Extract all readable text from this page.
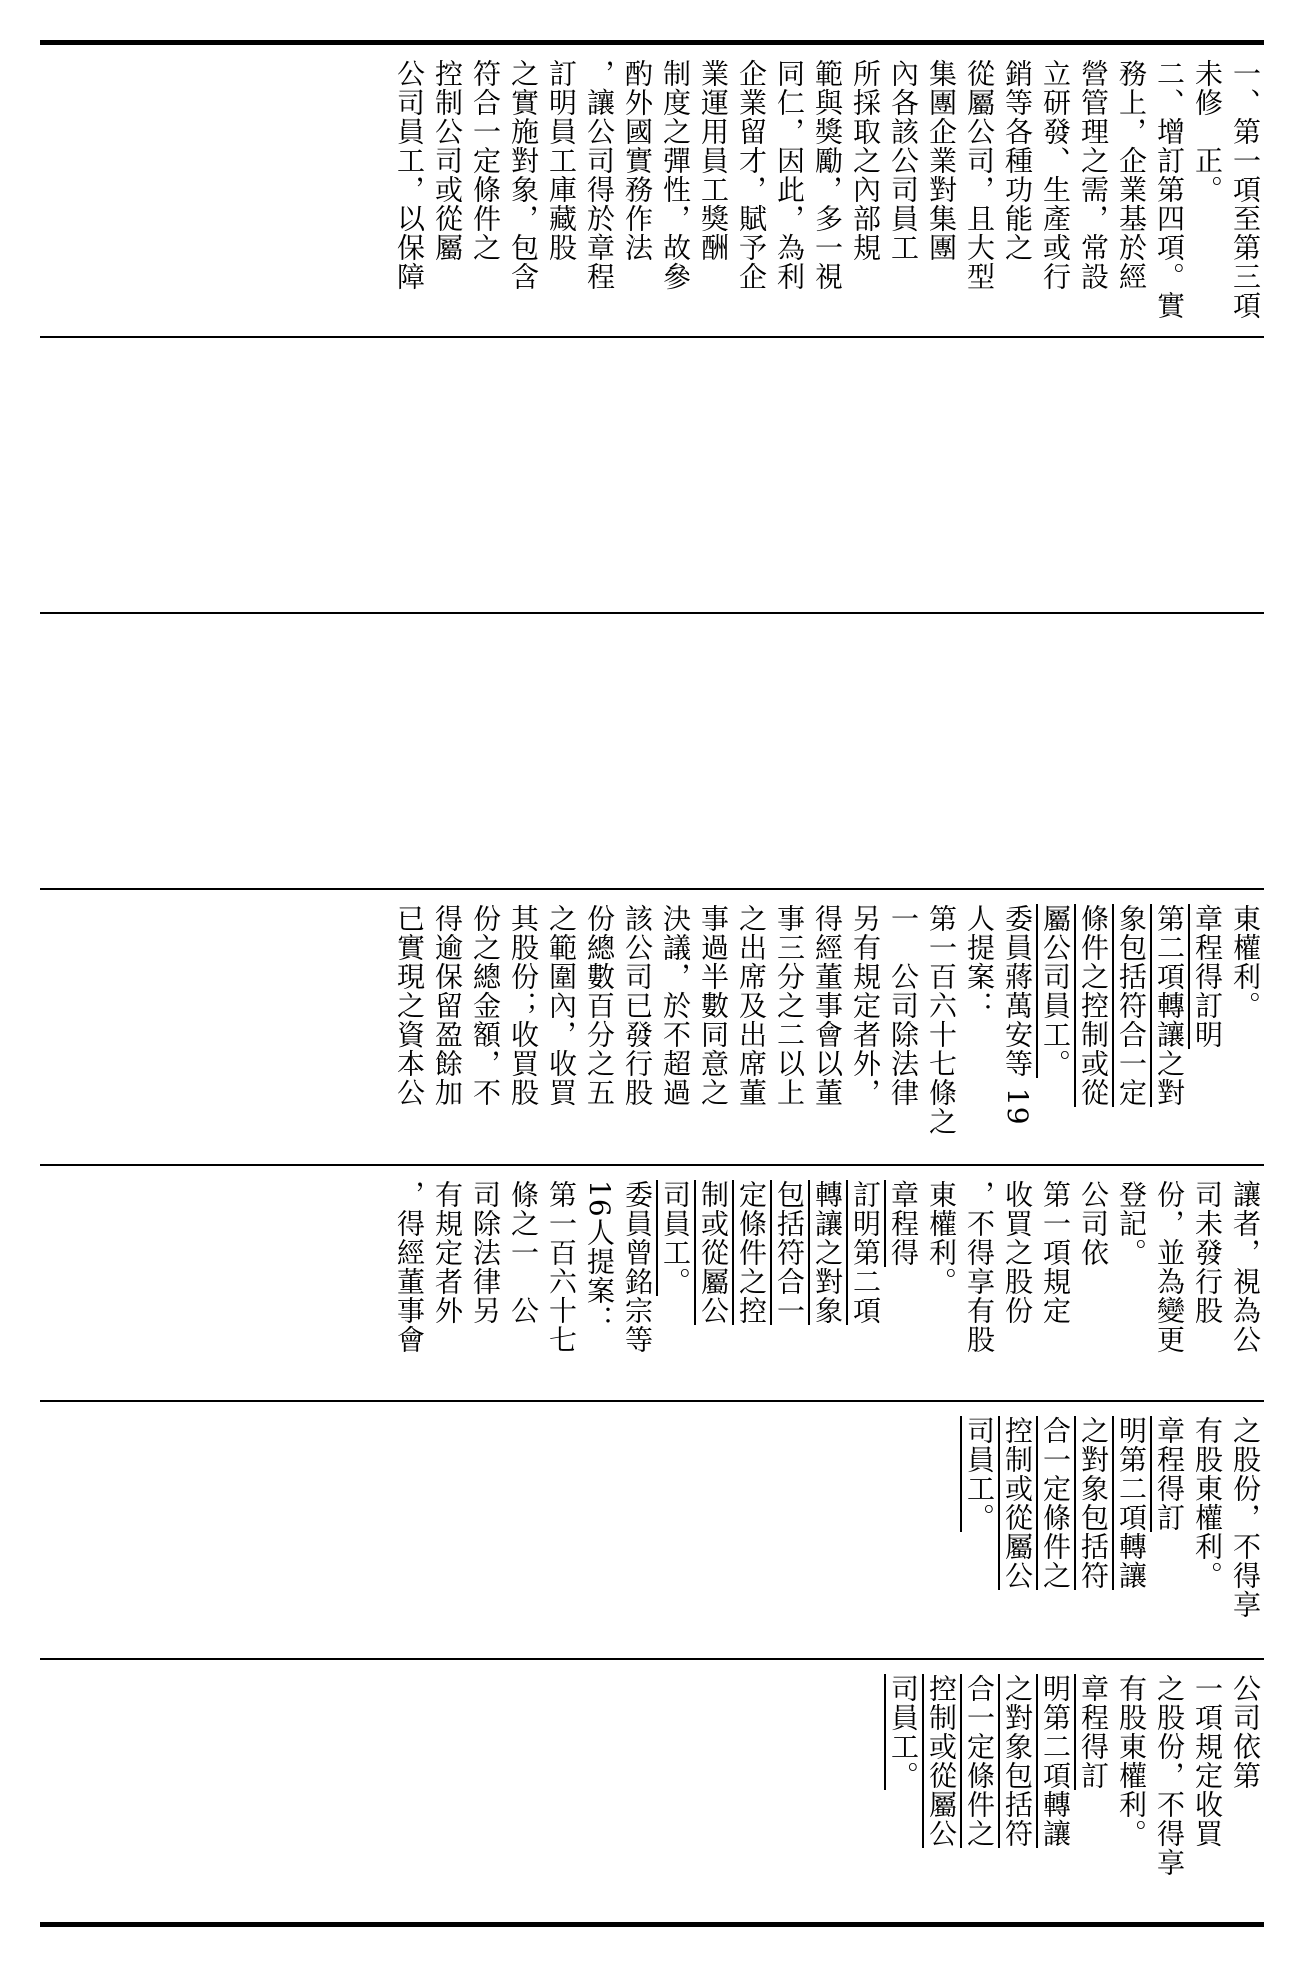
一、第一項至第三項
未修　正。
二、增訂第四項。實
務上，企業基於經
營管理之需，常設
立研發、生產或行
銷等各種功能之
從屬公司，且大型
集團企業對集團
內各該公司員工
所採取之內部規
範與獎勵，多一視
同仁，因此，為利
企業留才，賦予企
業運用員工獎酬
制度之彈性，故參
酌外國實務作法
，讓公司得於章程
訂明員工庫藏股
之實施對象，包含
符合一定條件之
控制公司或從屬
公司員工，以保障
東權利。
章程得訂明
第二項轉讓之對
象包括符合一定
條件之控制或從
屬公司員工。
委員蔣萬安等 19
人提案：
第一百六十七條之
一　公司除法律
另有規定者外，
得經董事會以董
事三分之二以上
之出席及出席董
事過半數同意之
決議，於不超過
該公司已發行股
份總數百分之五
之範圍內，收買
其股份；收買股
份之總金額，不
得逾保留盈餘加
已實現之資本公
讓者，視為公
司未發行股
份，並為變更
登記。
公司依
第一項規定
收買之股份
，不得享有股
東權利。
章程得
訂明第二項
轉讓之對象
包括符合一
定條件之控
制或從屬公
司員工。
委員曾銘宗等
16人提案：
第一百六十七
條之一　公
司除法律另
有規定者外
，得經董事會
之股份，不得享
有股東權利。
章程得訂
明第二項轉讓
之對象包括符
合一定條件之
控制或從屬公
司員工。
公司依第
一項規定收買
之股份，不得享
有股東權利。
章程得訂
明第二項轉讓
之對象包括符
合一定條件之
控制或從屬公
司員工。
